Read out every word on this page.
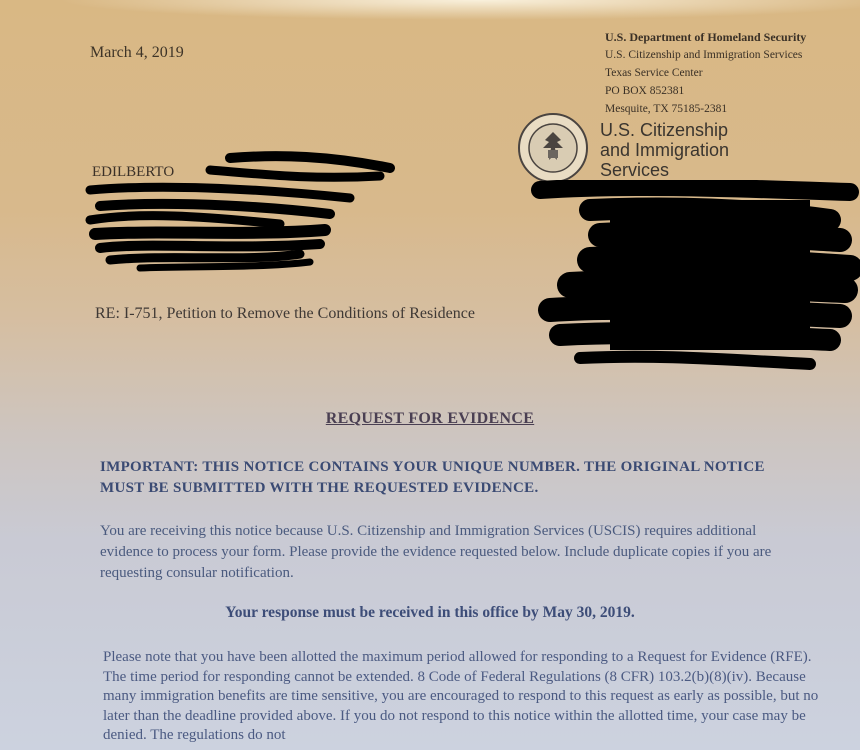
March 4, 2019
U.S. Department of Homeland Security
U.S. Citizenship and Immigration Services
Texas Service Center
PO BOX 852381
Mesquite, TX 75185-2381
U.S. Citizenship
and Immigration
Services
EDILBERTO
RE: I-751, Petition to Remove the Conditions of Residence
REQUEST FOR EVIDENCE
IMPORTANT: THIS NOTICE CONTAINS YOUR UNIQUE NUMBER. THE ORIGINAL NOTICE MUST BE SUBMITTED WITH THE REQUESTED EVIDENCE.
You are receiving this notice because U.S. Citizenship and Immigration Services (USCIS) requires additional evidence to process your form. Please provide the evidence requested below. Include duplicate copies if you are requesting consular notification.
Your response must be received in this office by May 30, 2019.
Please note that you have been allotted the maximum period allowed for responding to a Request for Evidence (RFE). The time period for responding cannot be extended. 8 Code of Federal Regulations (8 CFR) 103.2(b)(8)(iv). Because many immigration benefits are time sensitive, you are encouraged to respond to this request as early as possible, but no later than the deadline provided above. If you do not respond to this notice within the allotted time, your case may be denied. The regulations do not
